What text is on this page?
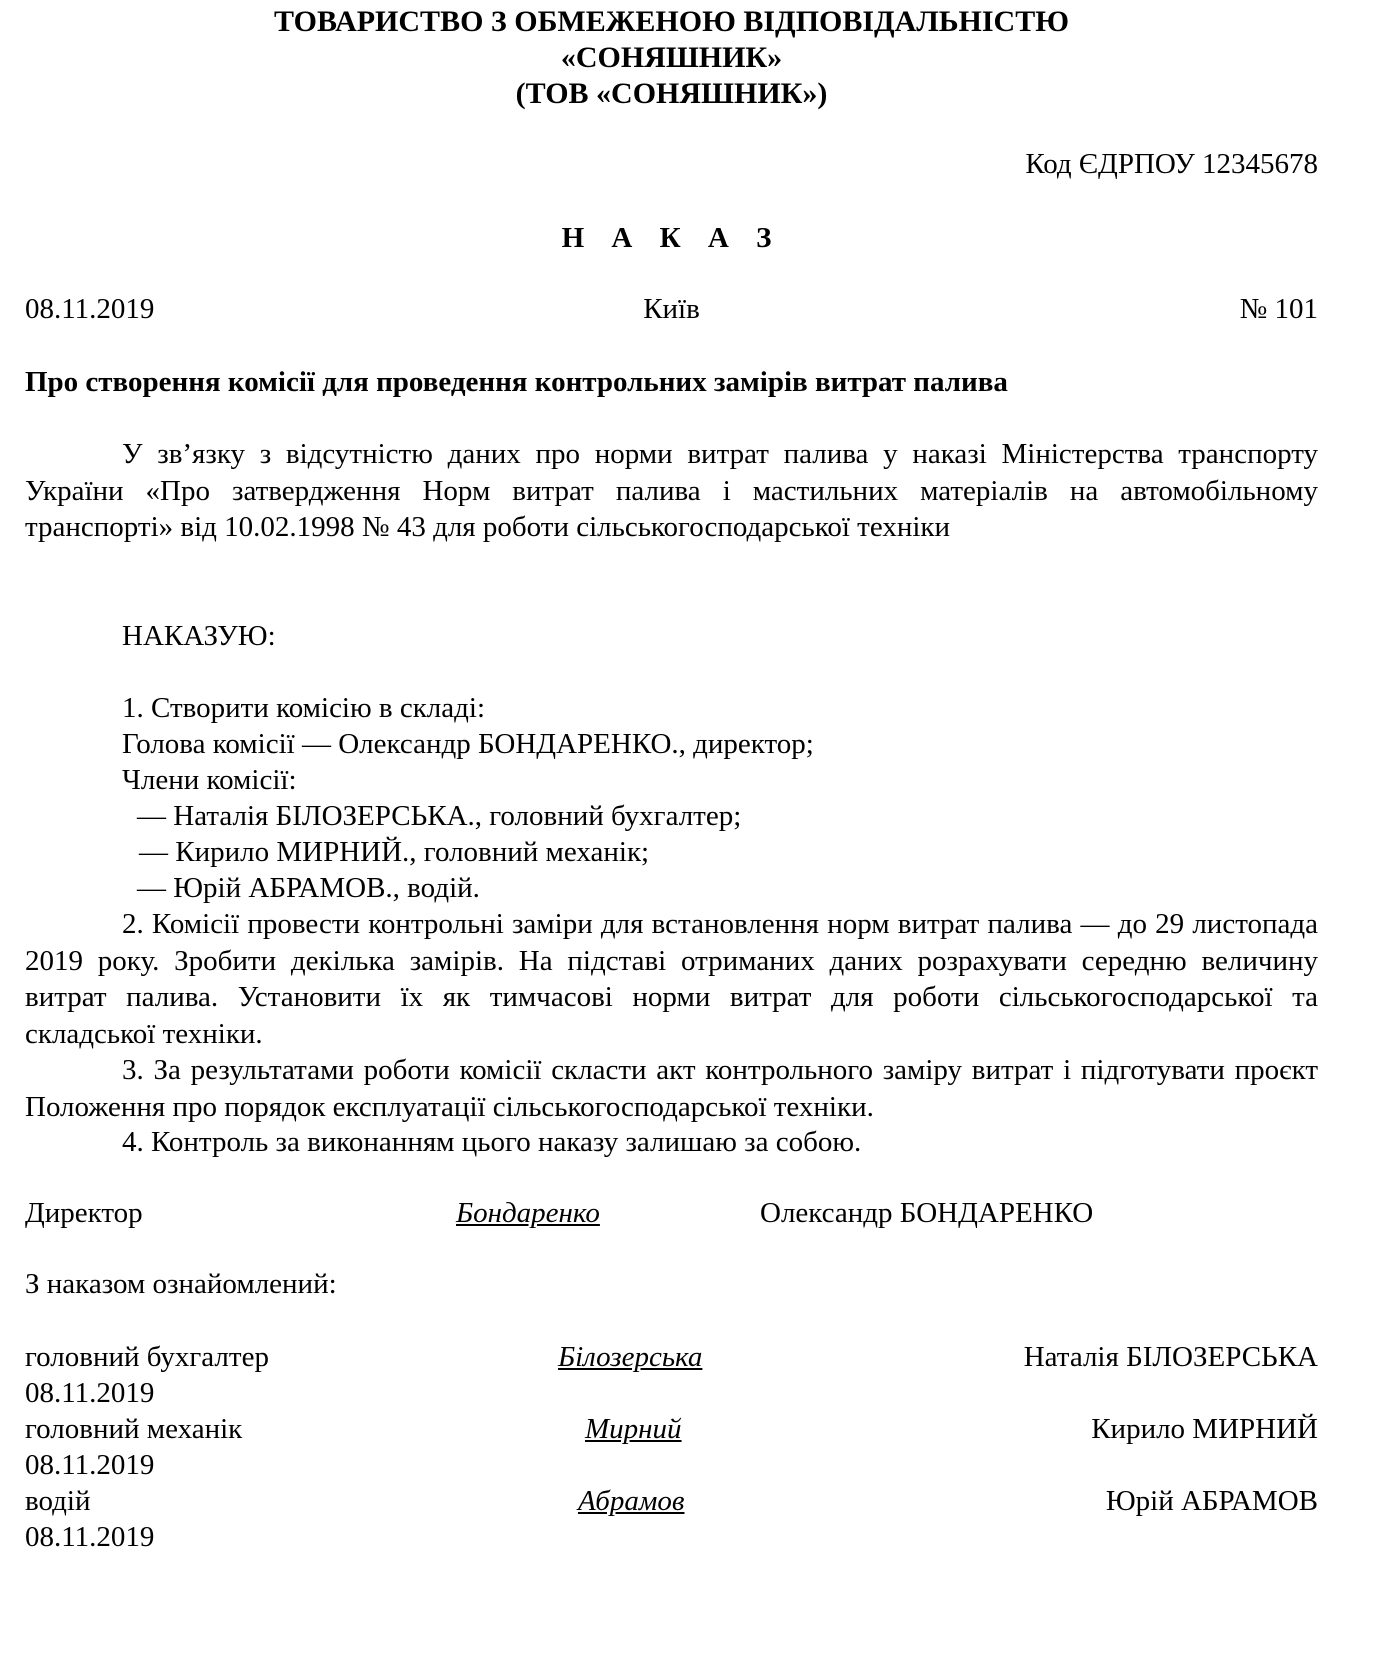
ТОВАРИСТВО З ОБМЕЖЕНОЮ ВІДПОВІДАЛЬНІСТЮ

«СОНЯШНИК»

(ТОВ «СОНЯШНИК»)

Код ЄДРПОУ 12345678

Н А К А З

08.11.2019	Київ	№ 101

Про створення комісії для проведення контрольних замірів витрат палива

У зв’язку з відсутністю даних про норми витрат палива у наказі Міністерства транспорту України «Про затвердження Норм витрат палива і мастильних матеріалів на автомобільному транспорті» від 10.02.1998 № 43 для роботи сільськогосподарської техніки

НАКАЗУЮ:

1. Створити комісію в складі:

Голова комісії — Олександр БОНДАРЕНКО., директор;

Члени комісії:

— Наталія БІЛОЗЕРСЬКА., головний бухгалтер;

— Кирило МИРНИЙ., головний механік;

— Юрій АБРАМОВ., водій.

2. Комісії провести контрольні заміри для встановлення норм витрат палива — до 29 листопада 2019 року. Зробити декілька замірів. На підставі отриманих даних розрахувати середню величину витрат палива. Установити їх як тимчасові норми витрат для роботи сільськогосподарської та складської техніки.

3. За результатами роботи комісії скласти акт контрольного заміру витрат і підготувати проєкт Положення про порядок експлуатації сільськогосподарської техніки.

4. Контроль за виконанням цього наказу залишаю за собою.

Директор	Бондаренко	Олександр БОНДАРЕНКО

З наказом ознайомлений:

головний бухгалтер	Білозерська	Наталія БІЛОЗЕРСЬКА

08.11.2019

головний механік	Мирний	Кирило МИРНИЙ

08.11.2019

водій	Абрамов	Юрій АБРАМОВ

08.11.2019
